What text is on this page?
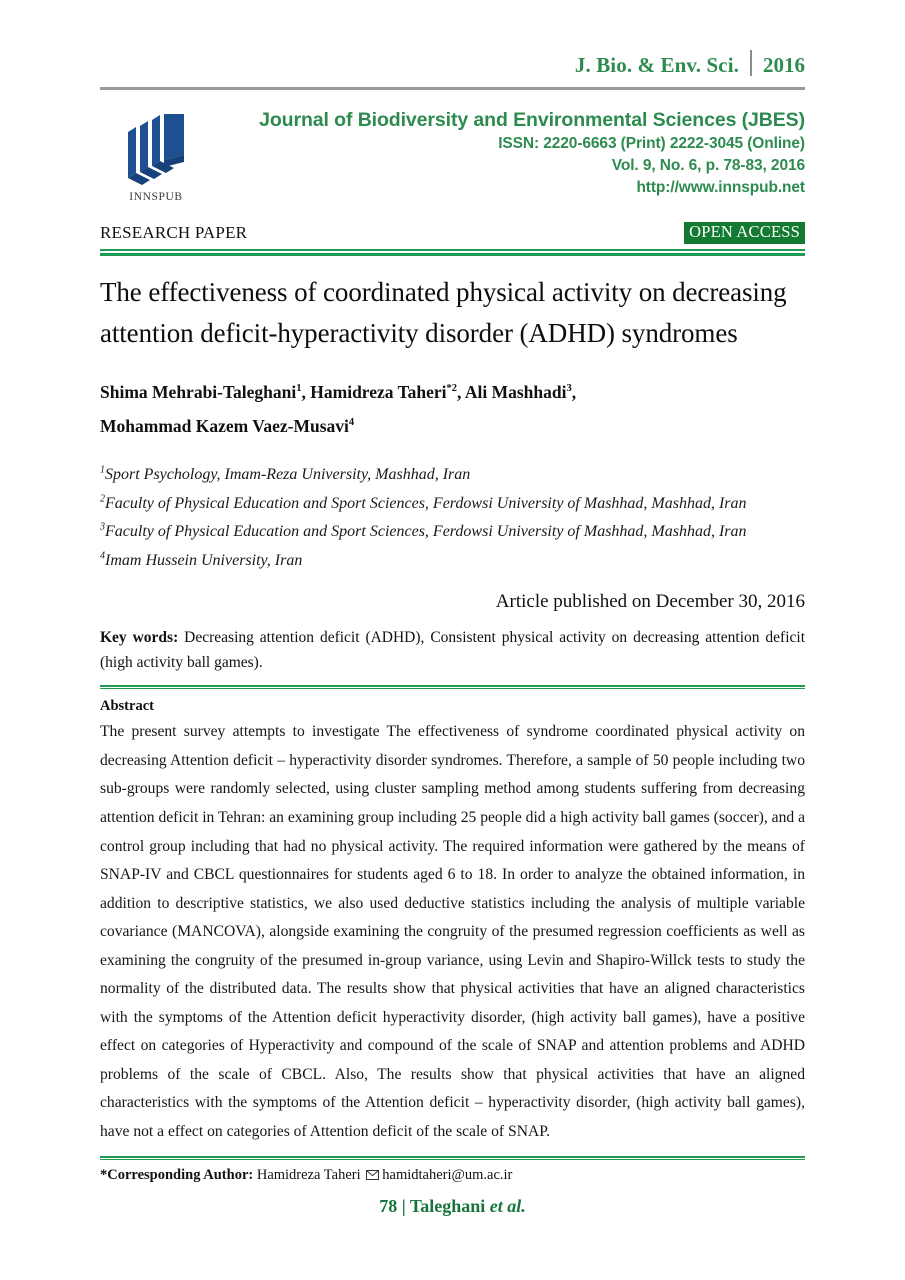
J. Bio. & Env. Sci. 2016
INNSPUB
Journal of Biodiversity and Environmental Sciences (JBES)
ISSN: 2220-6663 (Print) 2222-3045 (Online)
Vol. 9, No. 6, p. 78-83, 2016
http://www.innspub.net
RESEARCH PAPER	OPEN ACCESS
The effectiveness of coordinated physical activity on decreasing attention deficit-hyperactivity disorder (ADHD) syndromes
Shima Mehrabi-Taleghani$^1$, Hamidreza Taheri$^{*2}$, Ali Mashhadi$^3$,
Mohammad Kazem Vaez-Musavi$^4$
$^1$Sport Psychology, Imam-Reza University, Mashhad, Iran
$^2$Faculty of Physical Education and Sport Sciences, Ferdowsi University of Mashhad, Mashhad, Iran
$^3$Faculty of Physical Education and Sport Sciences, Ferdowsi University of Mashhad, Mashhad, Iran
$^4$Imam Hussein University, Iran
Article published on December 30, 2016
Key words: Decreasing attention deficit (ADHD), Consistent physical activity on decreasing attention deficit (high activity ball games).
Abstract
The present survey attempts to investigate The effectiveness of syndrome coordinated physical activity on decreasing Attention deficit – hyperactivity disorder syndromes. Therefore, a sample of 50 people including two sub-groups were randomly selected, using cluster sampling method among students suffering from decreasing attention deficit in Tehran: an examining group including 25 people did a high activity ball games (soccer), and a control group including that had no physical activity. The required information were gathered by the means of SNAP-IV and CBCL questionnaires for students aged 6 to 18. In order to analyze the obtained information, in addition to descriptive statistics, we also used deductive statistics including the analysis of multiple variable covariance (MANCOVA), alongside examining the congruity of the presumed regression coefficients as well as examining the congruity of the presumed in-group variance, using Levin and Shapiro-Willck tests to study the normality of the distributed data. The results show that physical activities that have an aligned characteristics with the symptoms of the Attention deficit hyperactivity disorder, (high activity ball games), have a positive effect on categories of Hyperactivity and compound of the scale of SNAP and attention problems and ADHD problems of the scale of CBCL. Also, The results show that physical activities that have an aligned characteristics with the symptoms of the Attention deficit – hyperactivity disorder, (high activity ball games), have not a effect on categories of Attention deficit of the scale of SNAP.
*Corresponding Author: Hamidreza Taheri hamidtaheri@um.ac.ir
78 | Taleghani et al.
